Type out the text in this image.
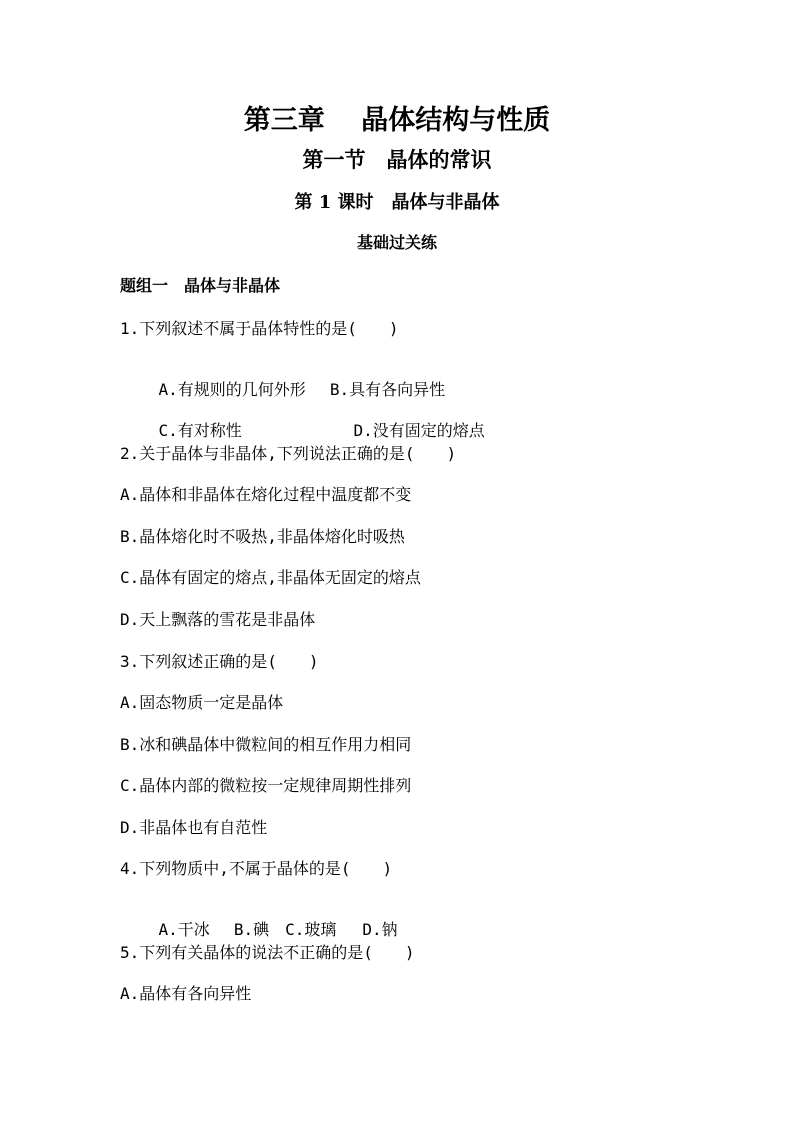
第三章　 晶体结构与性质
第一节　晶体的常识
第 1 课时　晶体与非晶体
基础过关练
题组一　晶体与非晶体
1.下列叙述不属于晶体特性的是(　　)

A.有规则的几何外形 B.具有各向异性

C.有对称性	D.没有固定的熔点

2.关于晶体与非晶体,下列说法正确的是(　　)
A.晶体和非晶体在熔化过程中温度都不变
B.晶体熔化时不吸热,非晶体熔化时吸热
C.晶体有固定的熔点,非晶体无固定的熔点
D.天上飘落的雪花是非晶体
3.下列叙述正确的是(　　)
A.固态物质一定是晶体
B.冰和碘晶体中微粒间的相互作用力相同
C.晶体内部的微粒按一定规律周期性排列
D.非晶体也有自范性
4.下列物质中,不属于晶体的是(　　)

A.干冰 B.碘 C.玻璃 D.钠

5.下列有关晶体的说法不正确的是(　　)
A.晶体有各向异性
